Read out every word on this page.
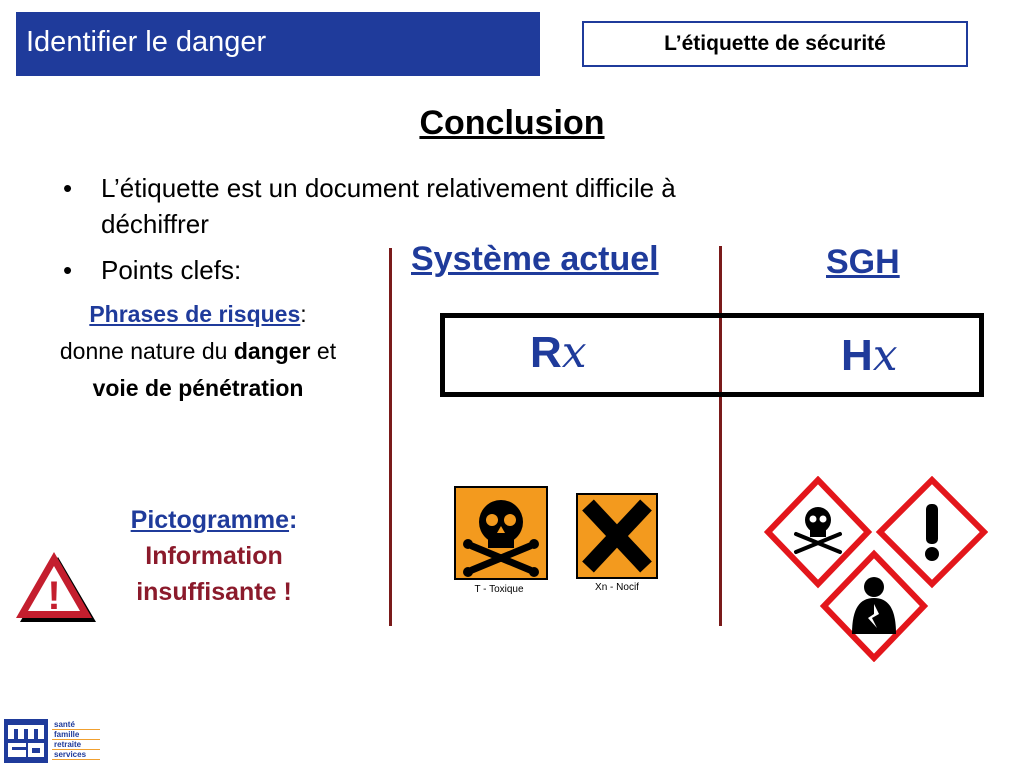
Identifier le danger	L’étiquette de sécurité
Conclusion
• L’étiquette est un document relativement difficile à
déchiffrer
• Points clefs:
Phrases de risques:
donne nature du danger et
voie de pénétration
Pictogramme:
Information
insuffisante !
!
Système actuel	SGH
Rx	Hx
T - Toxique	Xn - Nocif
santé
famille
retraite
services
